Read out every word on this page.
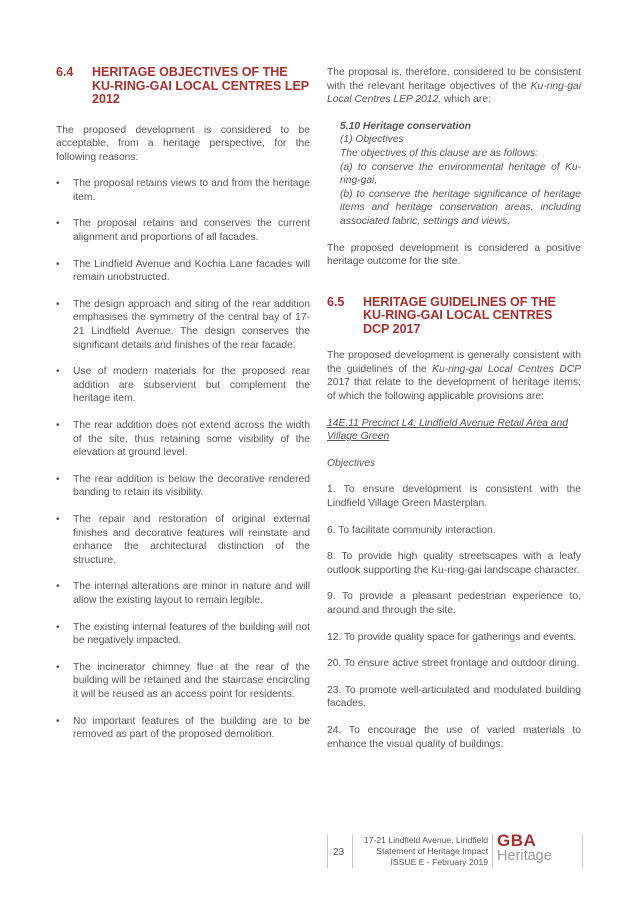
6.4	HERITAGE OBJECTIVES OF THE KU-RING-GAI LOCAL CENTRES LEP 2012

The proposed development is considered to be acceptable, from a heritage perspective, for the following reasons:

• The proposal retains views to and from the heritage item.
• The proposal retains and conserves the current alignment and proportions of all facades.
• The Lindfield Avenue and Kochia Lane facades will remain unobstructed.
• The design approach and siting of the rear addition emphasises the symmetry of the central bay of 17-21 Lindfield Avenue. The design conserves the significant details and finishes of the rear facade.
• Use of modern materials for the proposed rear addition are subservient but complement the heritage item.
• The rear addition does not extend across the width of the site, thus retaining some visibility of the elevation at ground level.
• The rear addition is below the decorative rendered banding to retain its visibility.
• The repair and restoration of original external finishes and decorative features will reinstate and enhance the architectural distinction of the structure.
• The internal alterations are minor in nature and will allow the existing layout to remain legible.
• The existing internal features of the building will not be negatively impacted.
• The incinerator chimney flue at the rear of the building will be retained and the staircase encircling it will be reused as an access point for residents.
• No important features of the building are to be removed as part of the proposed demolition.

The proposal is, therefore, considered to be consistent with the relevant heritage objectives of the Ku-ring-gai Local Centres LEP 2012, which are:

5.10 Heritage conservation

(1) Objectives

The objectives of this clause are as follows:

(a) to conserve the environmental heritage of Ku-ring-gai,

(b) to conserve the heritage significance of heritage items and heritage conservation areas, including associated fabric, settings and views,

The proposed development is considered a positive heritage outcome for the site.

6.5	HERITAGE GUIDELINES OF THE KU-RING-GAI LOCAL CENTRES DCP 2017

The proposed development is generally consistent with the guidelines of the Ku-ring-gai Local Centres DCP 2017 that relate to the development of heritage items; of which the following applicable provisions are:

14E.11 Precinct L4: Lindfield Avenue Retail Area and Village Green

Objectives

1. To ensure development is consistent with the Lindfield Village Green Masterplan.

6. To facilitate community interaction.

8. To provide high quality streetscapes with a leafy outlook supporting the Ku-ring-gai landscape character.

9. To provide a pleasant pedestrian experience to, around and through the site.

12. To provide quality space for gatherings and events.

20. To ensure active street frontage and outdoor dining.

23. To promote well-articulated and modulated building facades.

24. To encourage the use of varied materials to enhance the visual quality of buildings.

23
17-21 Lindfield Avenue, Lindfield
Statement of Heritage Impact
ISSUE E - February 2019
GBA
Heritage
